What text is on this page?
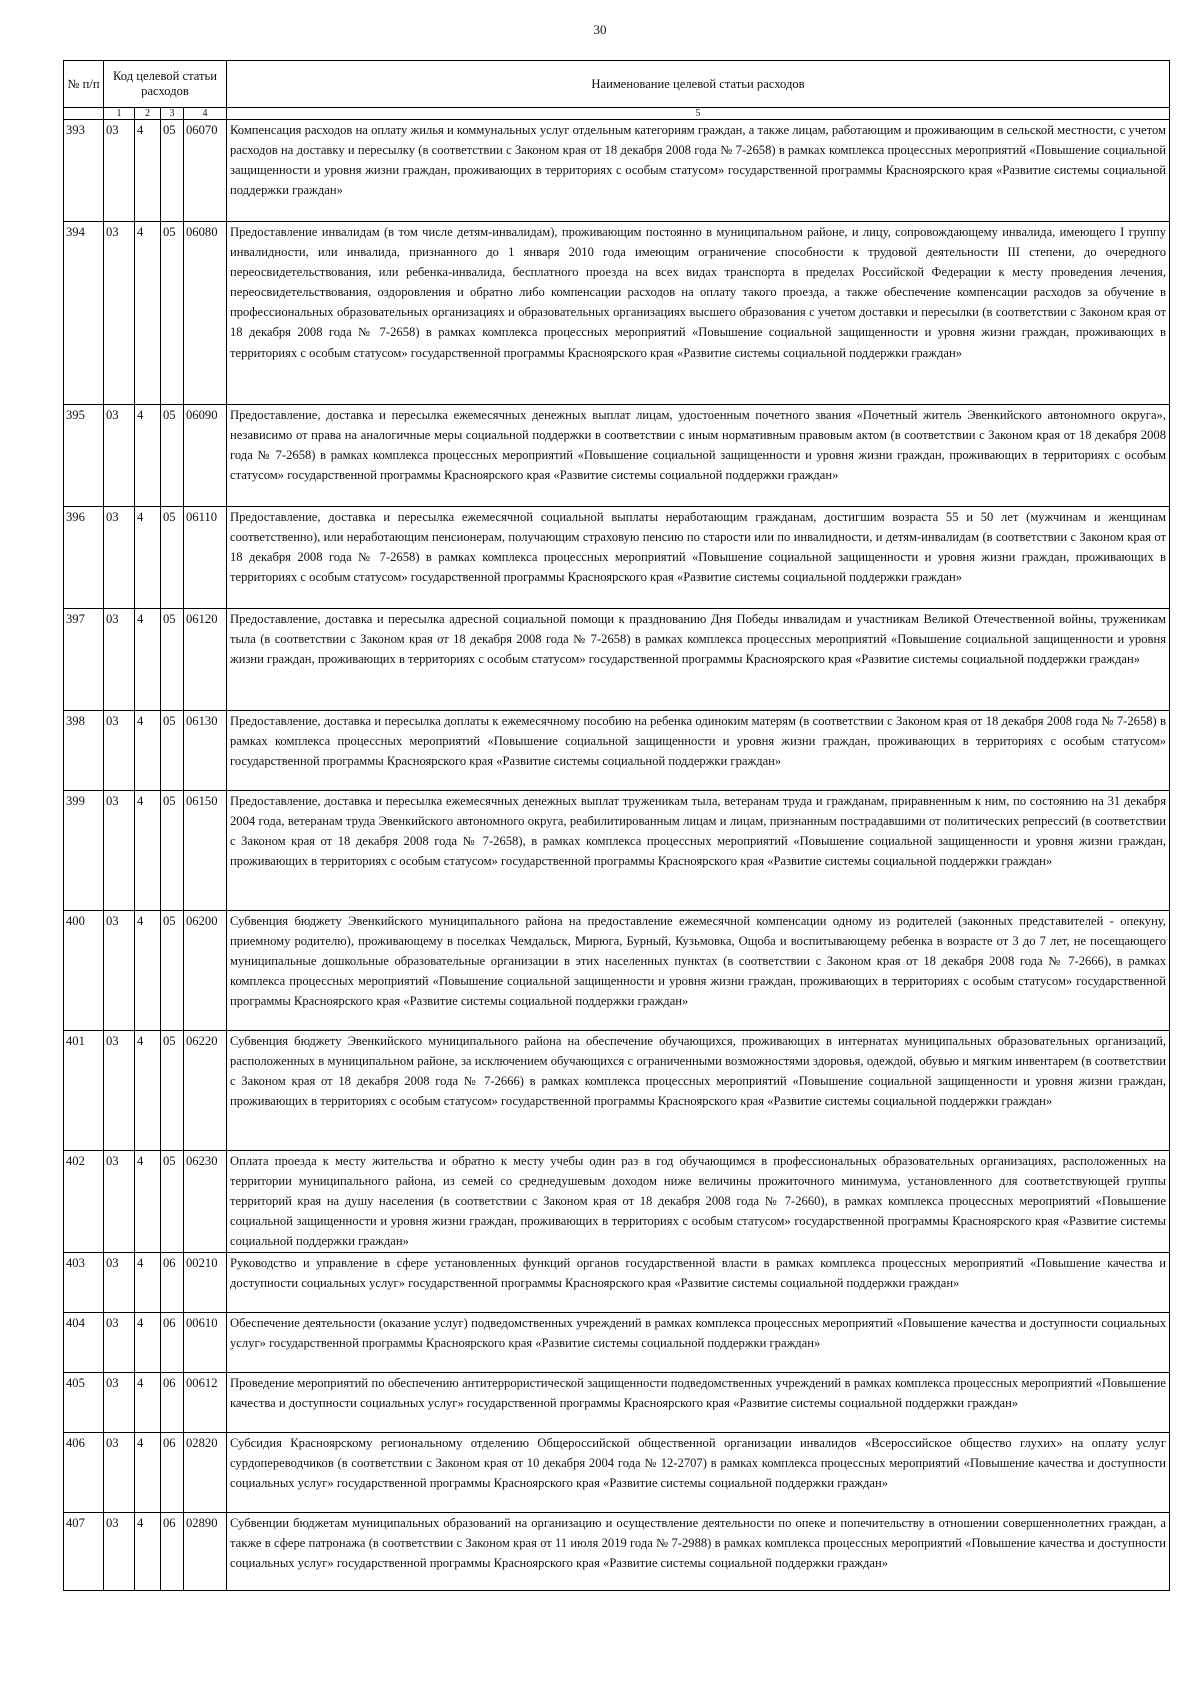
30
№ п/п	Код целевой статьи расходов				Наименование целевой статьи расходов
	1	2	3	4	5
393	03	4	05	06070	Компенсация расходов на оплату жилья и коммунальных услуг отдельным категориям граждан, а также лицам, работающим и проживающим в сельской местности, с учетом расходов на доставку и пересылку (в соответствии с Законом края от 18 декабря 2008 года № 7-2658) в рамках комплекса процессных мероприятий «Повышение социальной защищенности и уровня жизни граждан, проживающих в территориях с особым статусом» государственной программы Красноярского края «Развитие системы социальной поддержки граждан»
394	03	4	05	06080	Предоставление инвалидам (в том числе детям-инвалидам), проживающим постоянно в муниципальном районе, и лицу, сопровождающему инвалида, имеющего I группу инвалидности, или инвалида, признанного до 1 января 2010 года имеющим ограничение способности к трудовой деятельности III степени, до очередного переосвидетельствования, или ребенка-инвалида, бесплатного проезда на всех видах транспорта в пределах Российской Федерации к месту проведения лечения, переосвидетельствования, оздоровления и обратно либо компенсации расходов на оплату такого проезда, а также обеспечение компенсации расходов за обучение в профессиональных образовательных организациях и образовательных организациях высшего образования с учетом доставки и пересылки (в соответствии с Законом края от 18 декабря 2008 года № 7-2658) в рамках комплекса процессных мероприятий «Повышение социальной защищенности и уровня жизни граждан, проживающих в территориях с особым статусом» государственной программы Красноярского края «Развитие системы социальной поддержки граждан»
395	03	4	05	06090	Предоставление, доставка и пересылка ежемесячных денежных выплат лицам, удостоенным почетного звания «Почетный житель Эвенкийского автономного округа», независимо от права на аналогичные меры социальной поддержки в соответствии с иным нормативным правовым актом (в соответствии с Законом края от 18 декабря 2008 года № 7-2658) в рамках комплекса процессных мероприятий «Повышение социальной защищенности и уровня жизни граждан, проживающих в территориях с особым статусом» государственной программы Красноярского края «Развитие системы социальной поддержки граждан»
396	03	4	05	06110	Предоставление, доставка и пересылка ежемесячной социальной выплаты неработающим гражданам, достигшим возраста 55 и 50 лет (мужчинам и женщинам соответственно), или неработающим пенсионерам, получающим страховую пенсию по старости или по инвалидности, и детям-инвалидам (в соответствии с Законом края от 18 декабря 2008 года № 7-2658) в рамках комплекса процессных мероприятий «Повышение социальной защищенности и уровня жизни граждан, проживающих в территориях с особым статусом» государственной программы Красноярского края «Развитие системы социальной поддержки граждан»
397	03	4	05	06120	Предоставление, доставка и пересылка адресной социальной помощи к празднованию Дня Победы инвалидам и участникам Великой Отечественной войны, труженикам тыла (в соответствии с Законом края от 18 декабря 2008 года № 7-2658) в рамках комплекса процессных мероприятий «Повышение социальной защищенности и уровня жизни граждан, проживающих в территориях с особым статусом» государственной программы Красноярского края «Развитие системы социальной поддержки граждан»
398	03	4	05	06130	Предоставление, доставка и пересылка доплаты к ежемесячному пособию на ребенка одиноким матерям (в соответствии с Законом края от 18 декабря 2008 года № 7-2658) в рамках комплекса процессных мероприятий «Повышение социальной защищенности и уровня жизни граждан, проживающих в территориях с особым статусом» государственной программы Красноярского края «Развитие системы социальной поддержки граждан»
399	03	4	05	06150	Предоставление, доставка и пересылка ежемесячных денежных выплат труженикам тыла, ветеранам труда и гражданам, приравненным к ним, по состоянию на 31 декабря 2004 года, ветеранам труда Эвенкийского автономного округа, реабилитированным лицам и лицам, признанным пострадавшими от политических репрессий (в соответствии с Законом края от 18 декабря 2008 года № 7-2658), в рамках комплекса процессных мероприятий «Повышение социальной защищенности и уровня жизни граждан, проживающих в территориях с особым статусом» государственной программы Красноярского края «Развитие системы социальной поддержки граждан»
400	03	4	05	06200	Субвенция бюджету Эвенкийского муниципального района на предоставление ежемесячной компенсации одному из родителей (законных представителей - опекуну, приемному родителю), проживающему в поселках Чемдальск, Мирюга, Бурный, Кузьмовка, Ощоба и воспитывающему ребенка в возрасте от 3 до 7 лет, не посещающего муниципальные дошкольные образовательные организации в этих населенных пунктах (в соответствии с Законом края от 18 декабря 2008 года № 7-2666), в рамках комплекса процессных мероприятий «Повышение социальной защищенности и уровня жизни граждан, проживающих в территориях с особым статусом» государственной программы Красноярского края «Развитие системы социальной поддержки граждан»
401	03	4	05	06220	Субвенция бюджету Эвенкийского муниципального района на обеспечение обучающихся, проживающих в интернатах муниципальных образовательных организаций, расположенных в муниципальном районе, за исключением обучающихся с ограниченными возможностями здоровья, одеждой, обувью и мягким инвентарем (в соответствии с Законом края от 18 декабря 2008 года № 7-2666) в рамках комплекса процессных мероприятий «Повышение социальной защищенности и уровня жизни граждан, проживающих в территориях с особым статусом» государственной программы Красноярского края «Развитие системы социальной поддержки граждан»
402	03	4	05	06230	Оплата проезда к месту жительства и обратно к месту учебы один раз в год обучающимся в профессиональных образовательных организациях, расположенных на территории муниципального района, из семей со среднедушевым доходом ниже величины прожиточного минимума, установленного для соответствующей группы территорий края на душу населения (в соответствии с Законом края от 18 декабря 2008 года № 7-2660), в рамках комплекса процессных мероприятий «Повышение социальной защищенности и уровня жизни граждан, проживающих в территориях с особым статусом» государственной программы Красноярского края «Развитие системы социальной поддержки граждан»
403	03	4	06	00210	Руководство и управление в сфере установленных функций органов государственной власти в рамках комплекса процессных мероприятий «Повышение качества и доступности социальных услуг» государственной программы Красноярского края «Развитие системы социальной поддержки граждан»
404	03	4	06	00610	Обеспечение деятельности (оказание услуг) подведомственных учреждений в рамках комплекса процессных мероприятий «Повышение качества и доступности социальных услуг» государственной программы Красноярского края «Развитие системы социальной поддержки граждан»
405	03	4	06	00612	Проведение мероприятий по обеспечению антитеррористической защищенности подведомственных учреждений в рамках комплекса процессных мероприятий «Повышение качества и доступности социальных услуг» государственной программы Красноярского края «Развитие системы социальной поддержки граждан»
406	03	4	06	02820	Субсидия Красноярскому региональному отделению Общероссийской общественной организации инвалидов «Всероссийское общество глухих» на оплату услуг сурдопереводчиков (в соответствии с Законом края от 10 декабря 2004 года № 12-2707) в рамках комплекса процессных мероприятий «Повышение качества и доступности социальных услуг» государственной программы Красноярского края «Развитие системы социальной поддержки граждан»
407	03	4	06	02890	Субвенции бюджетам муниципальных образований на организацию и осуществление деятельности по опеке и попечительству в отношении совершеннолетних граждан, а также в сфере патронажа (в соответствии с Законом края от 11 июля 2019 года № 7-2988) в рамках комплекса процессных мероприятий «Повышение качества и доступности социальных услуг» государственной программы Красноярского края «Развитие системы социальной поддержки граждан»
